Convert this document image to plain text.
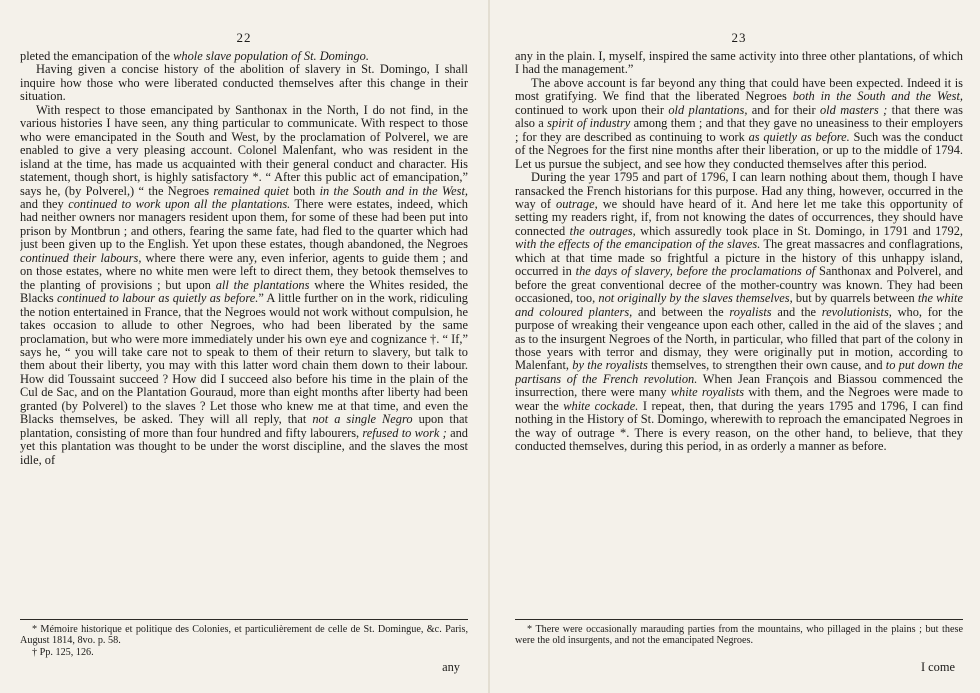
22

pleted the emancipation of the whole slave population of St. Domingo.

Having given a concise history of the abolition of slavery in St. Domingo, I shall inquire how those who were liberated conducted themselves after this change in their situation.

With respect to those emancipated by Santhonax in the North, I do not find, in the various histories I have seen, any thing particular to communicate. With respect to those who were emancipated in the South and West, by the proclamation of Polverel, we are enabled to give a very pleasing account. Colonel Malenfant, who was resident in the island at the time, has made us acquainted with their general conduct and character. His statement, though short, is highly satisfactory *. “ After this public act of emancipation,” says he, (by Polverel,) “ the Negroes remained quiet both in the South and in the West, and they continued to work upon all the plantations. There were estates, indeed, which had neither owners nor managers resident upon them, for some of these had been put into prison by Montbrun ; and others, fearing the same fate, had fled to the quarter which had just been given up to the English. Yet upon these estates, though abandoned, the Negroes continued their labours, where there were any, even inferior, agents to guide them ; and on those estates, where no white men were left to direct them, they betook themselves to the planting of provisions ; but upon all the plantations where the Whites resided, the Blacks continued to labour as quietly as before.” A little further on in the work, ridiculing the notion entertained in France, that the Negroes would not work without compulsion, he takes occasion to allude to other Negroes, who had been liberated by the same proclamation, but who were more immediately under his own eye and cognizance †. “ If,” says he, “ you will take care not to speak to them of their return to slavery, but talk to them about their liberty, you may with this latter word chain them down to their labour. How did Toussaint succeed ? How did I succeed also before his time in the plain of the Cul de Sac, and on the Plantation Gouraud, more than eight months after liberty had been granted (by Polverel) to the slaves ? Let those who knew me at that time, and even the Blacks themselves, be asked. They will all reply, that not a single Negro upon that plantation, consisting of more than four hundred and fifty labourers, refused to work ; and yet this plantation was thought to be under the worst discipline, and the slaves the most idle, of

* Mémoire historique et politique des Colonies, et particulièrement de celle de St. Domingue, &c. Paris, August 1814, 8vo. p. 58.

† Pp. 125, 126.

any
23

any in the plain. I, myself, inspired the same activity into three other plantations, of which I had the management.”

The above account is far beyond any thing that could have been expected. Indeed it is most gratifying. We find that the liberated Negroes both in the South and the West, continued to work upon their old plantations, and for their old masters ; that there was also a spirit of industry among them ; and that they gave no uneasiness to their employers ; for they are described as continuing to work as quietly as before. Such was the conduct of the Negroes for the first nine months after their liberation, or up to the middle of 1794. Let us pursue the subject, and see how they conducted themselves after this period.

During the year 1795 and part of 1796, I can learn nothing about them, though I have ransacked the French historians for this purpose. Had any thing, however, occurred in the way of outrage, we should have heard of it. And here let me take this opportunity of setting my readers right, if, from not knowing the dates of occurrences, they should have connected the outrages, which assuredly took place in St. Domingo, in 1791 and 1792, with the effects of the emancipation of the slaves. The great massacres and conflagrations, which at that time made so frightful a picture in the history of this unhappy island, occurred in the days of slavery, before the proclamations of Santhonax and Polverel, and before the great conventional decree of the mother-country was known. They had been occasioned, too, not originally by the slaves themselves, but by quarrels between the white and coloured planters, and between the royalists and the revolutionists, who, for the purpose of wreaking their vengeance upon each other, called in the aid of the slaves ; and as to the insurgent Negroes of the North, in particular, who filled that part of the colony in those years with terror and dismay, they were originally put in motion, according to Malenfant, by the royalists themselves, to strengthen their own cause, and to put down the partisans of the French revolution. When Jean François and Biassou commenced the insurrection, there were many white royalists with them, and the Negroes were made to wear the white cockade. I repeat, then, that during the years 1795 and 1796, I can find nothing in the History of St. Domingo, wherewith to reproach the emancipated Negroes in the way of outrage *. There is every reason, on the other hand, to believe, that they conducted themselves, during this period, in as orderly a manner as before.

* There were occasionally marauding parties from the mountains, who pillaged in the plains ; but these were the old insurgents, and not the emancipated Negroes.

I come
